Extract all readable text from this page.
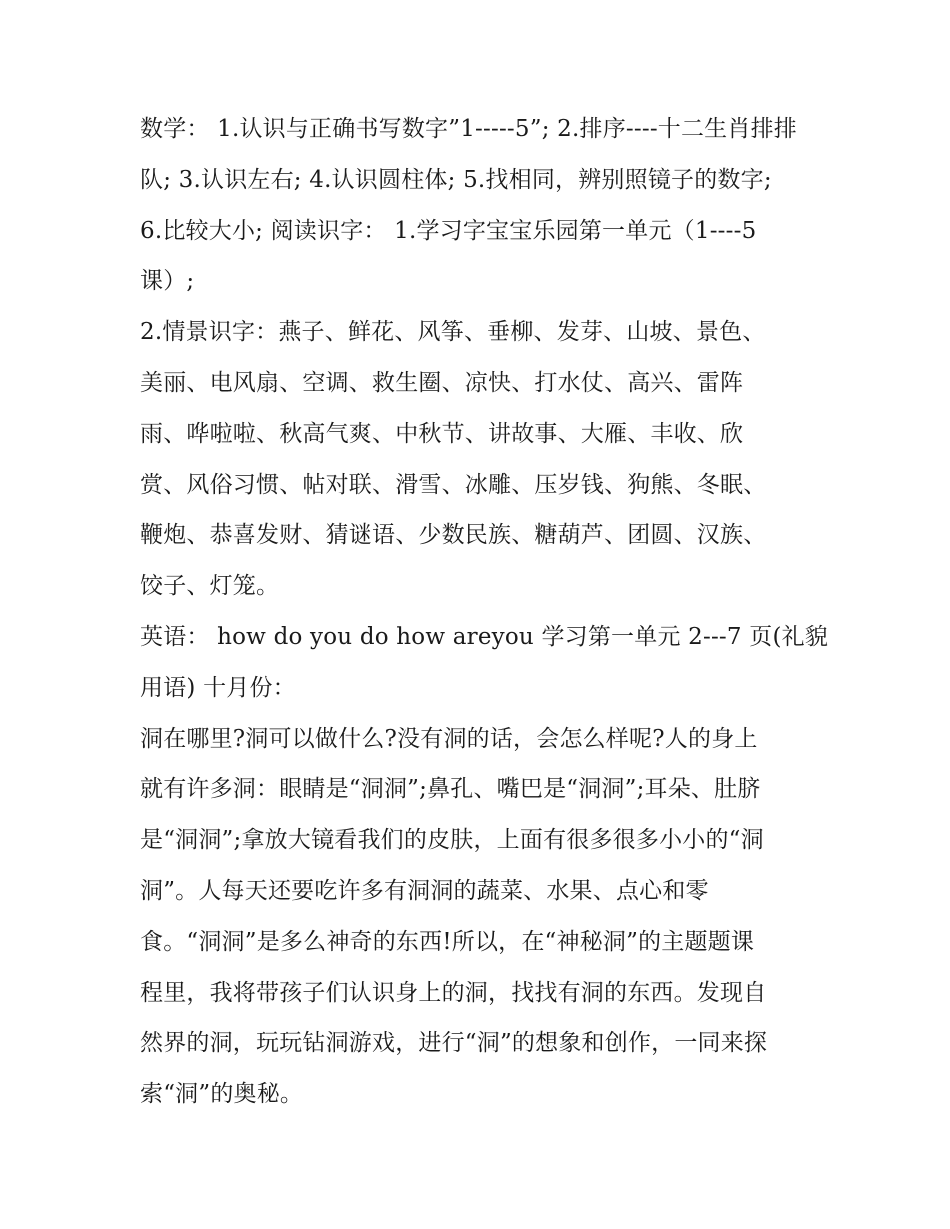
数学： 1.认识与正确书写数字”1-----5”; 2.排序----十二生肖排排
队; 3.认识左右; 4.认识圆柱体; 5.找相同，辨别照镜子的数字;
6.比较大小; 阅读识字： 1.学习字宝宝乐园第一单元（1----5
课）;
2.情景识字：燕子、鲜花、风筝、垂柳、发芽、山坡、景色、
美丽、电风扇、空调、救生圈、凉快、打水仗、高兴、雷阵
雨、哗啦啦、秋高气爽、中秋节、讲故事、大雁、丰收、欣
赏、风俗习惯、帖对联、滑雪、冰雕、压岁钱、狗熊、冬眠、
鞭炮、恭喜发财、猜谜语、少数民族、糖葫芦、团圆、汉族、
饺子、灯笼。
英语： how do you do how areyou 学习第一单元 2---7 页(礼貌
用语) 十月份：
洞在哪里?洞可以做什么?没有洞的话，会怎么样呢?人的身上
就有许多洞：眼睛是“洞洞”;鼻孔、嘴巴是“洞洞”;耳朵、肚脐
是“洞洞”;拿放大镜看我们的皮肤，上面有很多很多小小的“洞
洞”。人每天还要吃许多有洞洞的蔬菜、水果、点心和零
食。“洞洞”是多么神奇的东西!所以，在“神秘洞”的主题题课
程里，我将带孩子们认识身上的洞，找找有洞的东西。发现自
然界的洞，玩玩钻洞游戏，进行“洞”的想象和创作，一同来探
索“洞”的奥秘。
